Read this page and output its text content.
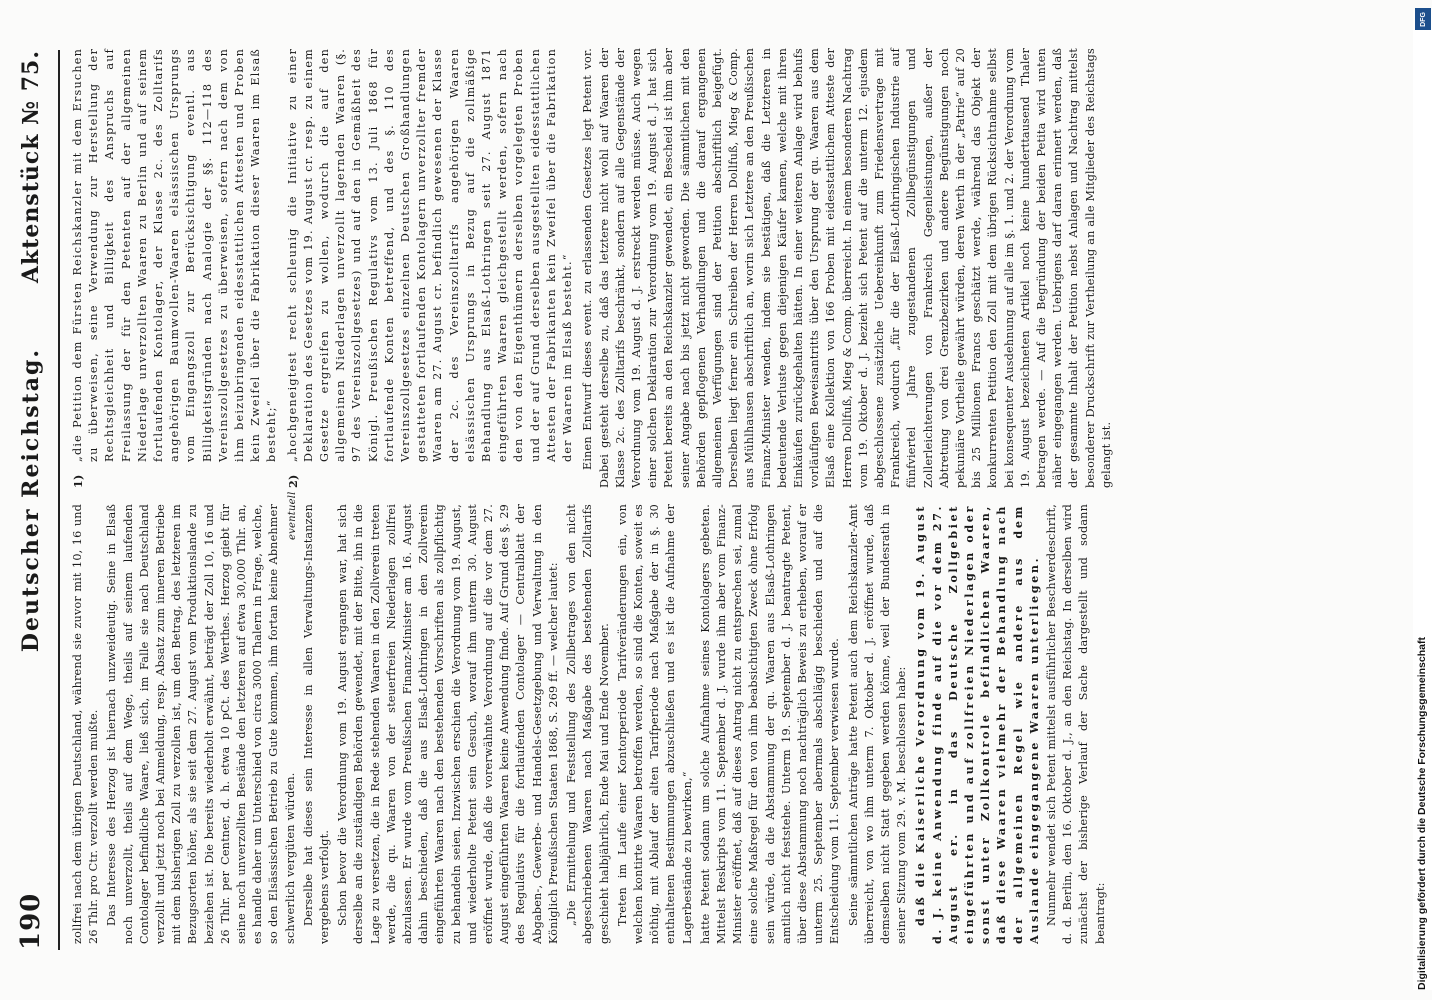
190
Deutscher Reichstag.
Aktenstück № 75.

zollfrei nach dem übrigen Deutschland, während sie zuvor mit 10, 16 und 26 Thlr. pro Ctr. verzollt werden mußte. Das Interesse des Herzog ist hiernach unzweideutig. Seine in Elsaß noch unverzollt, theils auf dem Wege, theils auf seinem laufenden Contolager befindliche Waare, ließ sich, im Falle sie nach Deutschland verzollt und jetzt noch bei Anmeldung, resp. Absatz zum inneren Betriebe mit dem bisherigen Zoll zu verzollen ist, um den Betrag, des letzteren im Bezugsorten höher, als sie seit dem 27. August vom Produktionslande zu beziehen ist. Die bereits wiederholt erwähnt, beträgt der Zoll 10, 16 und 26 Thlr. per Centner, d. h. etwa 10 pCt. des Werthes. Herzog giebt für seine noch unverzollten Bestände den letzteren auf etwa 30,000 Thlr. an, es handle daher um Unterschied von circa 3000 Thalern in Frage, welche, so den Elsässischen Betrieb zu Gute kommen, ihm fortan keine Abnehmer schwerlich vergüten würden. Derselbe hat dieses sein Interesse in allen Verwaltungs-Instanzen vergebens verfolgt. Schon bevor die Verordnung vom 19. August ergangen war, hat sich derselbe an die zuständigen Behörden gewendet, mit der Bitte, ihn in die Lage zu versetzen, die in Rede stehenden Waaren in den Zollverein treten werde, die qu. Waaren von der steuerfreien Niederlagen zollfrei abzulassen. Er wurde vom Preußischen Finanz-Minister am 16. August dahin beschieden, daß die aus Elsaß-Lothringen in den Zollverein eingeführten Waaren nach den bestehenden Vorschriften als zollpflichtig zu behandeln seien. Inzwischen erschien die Verordnung vom 19. August, und wiederholte Petent sein Gesuch, worauf ihm unterm 30. August eröffnet wurde, daß die vorerwähnte Verordnung auf die vor dem 27. August eingeführten Waaren keine Anwendung finde. Auf Grund des §. 29 des Regulativs für die fortlaufenden Contolager — Centralblatt der Abgaben-, Gewerbe- und Handels-Gesetzgebung und Verwaltung in den Königlich Preußischen Staaten 1868, S. 269 ff. — welcher lautet: „Die Ermittelung und Feststellung des Zollbetrages von den nicht abgeschriebenen Waaren nach Maßgabe des bestehenden Zolltarifs geschieht halbjährlich, Ende Mai und Ende November. Treten im Laufe einer Kontorperiode Tarifveränderungen ein, von welchen kontirte Waaren betroffen werden, so sind die Konten, soweit es nöthig, mit Ablauf der alten Tarifperiode nach Maßgabe der in §. 30 enthaltenen Bestimmungen abzuschließen und es ist die Aufnahme der Lagerbestände zu bewirken,“ hatte Petent sodann um solche Aufnahme seines Kontolagers gebeten. Mittelst Reskripts vom 11. September d. J. wurde ihm aber vom Finanz-Minister eröffnet, daß auf dieses Antrag nicht zu entsprechen sei, zumal eine solche Maßregel für den von ihm beabsichtigten Zweck ohne Erfolg sein würde, da die Abstammung der qu. Waaren aus Elsaß-Lothringen amtlich nicht feststehe. Unterm 19. September d. J. beantragte Petent, über diese Abstammung noch nachträglich Beweis zu erheben, worauf er unterm 25. September abermals abschlägig beschieden und auf die Entscheidung vom 11. September verwiesen wurde. Seine sämmtlichen Anträge hatte Petent auch dem Reichskanzler-Amt überreicht, von wo ihm unterm 7. Oktober d. J. eröffnet wurde, daß demselben nicht Statt gegeben werden könne, weil der Bundesrath in seiner Sitzung vom 29. v. M. beschlossen habe: daß die Kaiserliche Verordnung vom 19. August d. J. keine Anwendung finde auf die vor dem 27. August er. in das Deutsche Zollgebiet eingeführten und auf zollfreien Niederlagen oder sonst unter Zollkontrole befindlichen Waaren, daß diese Waaren vielmehr der Behandlung nach der allgemeinen Regel wie andere aus dem Auslande eingegangene Waaren unterliegen. Nunmehr wendet sich Petent mittelst ausführlicher Beschwerdeschrift, d. d. Berlin, den 16. Oktober d. J., an den Reichstag. In derselben wird zunächst der bisherige Verlauf der Sache dargestellt und sodann beantragt:

1)
„die Petition dem Fürsten Reichskanzler mit dem Ersuchen zu überweisen, seine Verwendung zur Herstellung der Rechtsgleichheit und Billigkeit des Anspruchs auf Freilassung der für den Petenten auf der allgemeinen Niederlage unverzollten Waaren zu Berlin und auf seinem fortlaufenden Kontolager, der Klasse 2c. des Zolltarifs angehörigen Baumwollen-Waaren elsässischen Ursprungs vom Eingangszoll zur Berücksichtigung eventl. aus Billigkeitsgründen nach Analogie der §§. 112—118 des Vereinszollgesetzes zu überweisen, sofern nach dem von ihm beizubringenden eidesstattlichen Attesten und Proben kein Zweifel über die Fabrikation dieser Waaren im Elsaß besteht;“
eventuell
2)
„hochgeneigtest recht schleunig die Initiative zu einer Deklaration des Gesetzes vom 19. August cr. resp. zu einem Gesetze ergreifen zu wollen, wodurch die auf den allgemeinen Niederlagen unverzollt lagernden Waaren (§. 97 des Vereinszollgesetzes) und auf den in Gemäßheit des Königl. Preußischen Regulativs vom 13. Juli 1868 für fortlaufende Konten betreffend, und des §. 110 des Vereinszollgesetzes einzelnen Deutschen Großhandlungen gestatteten fortlaufenden Kontolagern unverzollter fremder Waaren am 27. August cr. befindlich gewesenen der Klasse der 2c. des Vereinszolltarifs angehörigen Waaren elsässischen Ursprungs in Bezug auf die zollmäßige Behandlung aus Elsaß-Lothringen seit 27. August 1871 eingeführten Waaren gleichgestellt werden, sofern nach den von den Eigenthümern derselben vorgelegten Proben und der auf Grund derselben ausgestellten eidesstattlichen Attesten der Fabrikanten kein Zweifel über die Fabrikation der Waaren im Elsaß besteht.“ Einen Entwurf dieses event. zu erlassenden Gesetzes legt Petent vor. Dabei gesteht derselbe zu, daß das letztere nicht wohl auf Waaren der Klasse 2c. des Zolltarifs beschränkt, sondern auf alle Gegenstände der Verordnung vom 19. August d. J. erstreckt werden müsse. Auch wegen einer solchen Deklaration zur Verordnung vom 19. August d. J. hat sich Petent bereits an den Reichskanzler gewendet, ein Bescheid ist ihm aber seiner Angabe nach bis jetzt nicht geworden. Die sämmtlichen mit den Behörden gepflogenen Verhandlungen und die darauf ergangenen allgemeinen Verfügungen sind der Petition abschriftlich beigefügt. Derselben liegt ferner ein Schreiben der Herren Dollfuß, Mieg & Comp. aus Mühlhausen abschriftlich an, worin sich Letztere an den Preußischen Finanz-Minister wenden, indem sie bestätigen, daß die Letzteren in bedeutende Verluste gegen diejenigen Käufer kamen, welche mit ihren Einkäufen zurückgehalten hätten. In einer weiteren Anlage wird behufs vorläufigen Beweisantritts über den Ursprung der qu. Waaren aus dem Elsaß eine Kollektion von 166 Proben mit eidesstattlichem Atteste der Herren Dollfuß, Mieg & Comp. überreicht. In einem besonderen Nachtrag vom 19. Oktober d. J. bezieht sich Petent auf die unterm 12. ejusdem abgeschlossene zusätzliche Uebereinkunft zum Friedensvertrage mit Frankreich, wodurch „für die der Elsaß-Lothringischen Industrie auf fünfviertel Jahre zugestandenen Zollbegünstigungen und Zollerleichterungen von Frankreich Gegenleistungen, außer der Abtretung von drei Grenzbezirken und andere Begünstigungen noch pekuniäre Vortheile gewährt würden, deren Werth in der „Patrie“ auf 20 bis 25 Millionen Francs geschätzt werde, während das Objekt der konkurrenten Petition den Zoll mit dem übrigen Rücksichtnahme selbst bei konsequenter Ausdehnung auf alle im §. 1. und 2. der Verordnung vom 19. August bezeichneten Artikel noch keine hunderttausend Thaler betragen werde. — Auf die Begründung der beiden Petita wird unten näher eingegangen werden. Uebrigens darf daran erinnert werden, daß der gesammte Inhalt der Petition nebst Anlagen und Nachtrag mittelst besonderer Druckschrift zur Vertheilung an alle Mitglieder des Reichstags gelangt ist.

DFG
Digitalisierung gefördert durch die Deutsche Forschungsgemeinschaft
